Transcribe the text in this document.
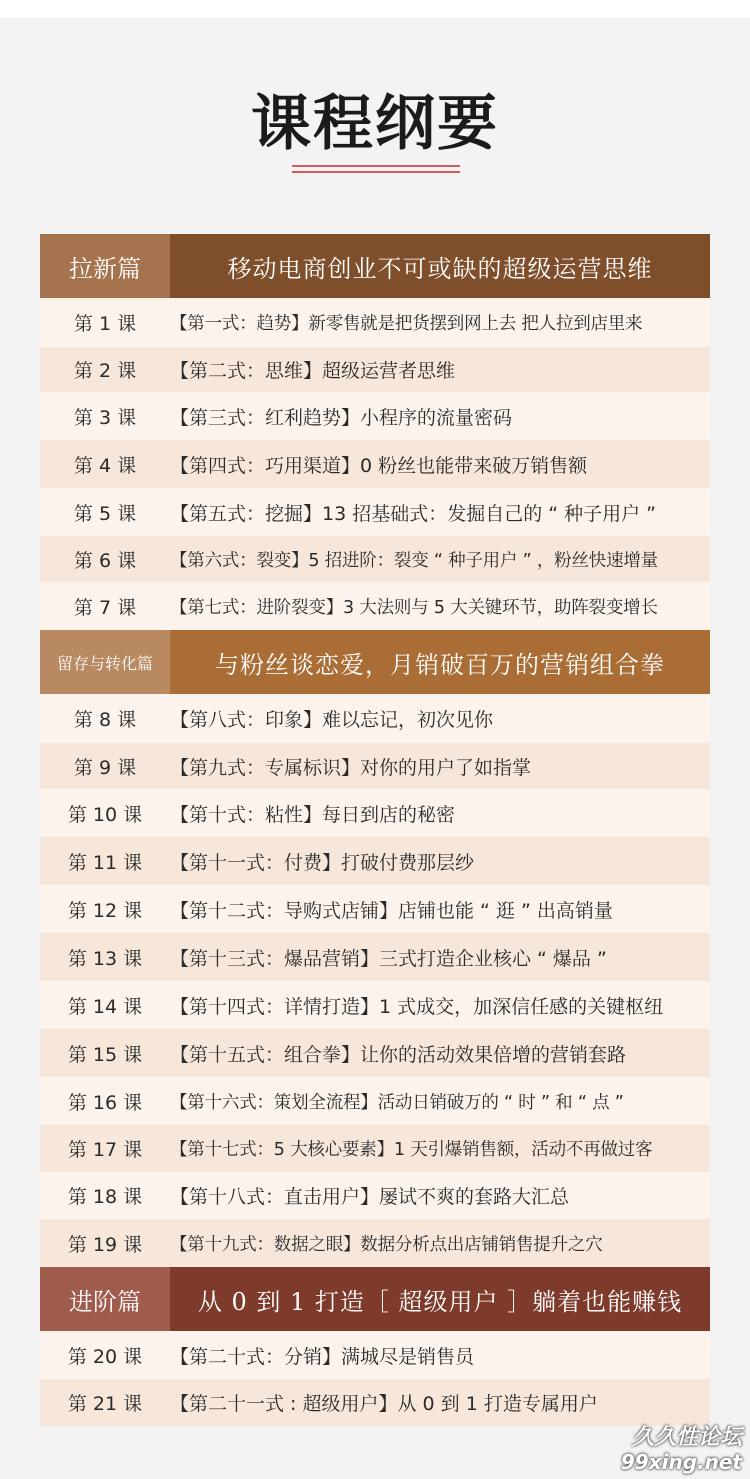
课程纲要
拉新篇	移动电商创业不可或缺的超级运营思维
第 1 课	【第一式：趋势】新零售就是把货摆到网上去 把人拉到店里来
第 2 课	【第二式：思维】超级运营者思维
第 3 课	【第三式：红利趋势】小程序的流量密码
第 4 课	【第四式：巧用渠道】0 粉丝也能带来破万销售额
第 5 课	【第五式：挖掘】13 招基础式：发掘自己的 “ 种子用户 ”
第 6 课	【第六式：裂变】5 招进阶：裂变 “ 种子用户 ” ，粉丝快速增量
第 7 课	【第七式：进阶裂变】3 大法则与 5 大关键环节，助阵裂变增长
留存与转化篇	与粉丝谈恋爱，月销破百万的营销组合拳
第 8 课	【第八式：印象】难以忘记，初次见你
第 9 课	【第九式：专属标识】对你的用户了如指掌
第 10 课	【第十式：粘性】每日到店的秘密
第 11 课	【第十一式：付费】打破付费那层纱
第 12 课	【第十二式：导购式店铺】店铺也能 “ 逛 ” 出高销量
第 13 课	【第十三式：爆品营销】三式打造企业核心 “ 爆品 ”
第 14 课	【第十四式：详情打造】1 式成交，加深信任感的关键枢纽
第 15 课	【第十五式：组合拳】让你的活动效果倍增的营销套路
第 16 课	【第十六式：策划全流程】活动日销破万的 “ 时 ” 和 “ 点 ”
第 17 课	【第十七式：5 大核心要素】1 天引爆销售额，活动不再做过客
第 18 课	【第十八式：直击用户】屡试不爽的套路大汇总
第 19 课	【第十九式：数据之眼】数据分析点出店铺销售提升之穴
进阶篇	从 0 到 1 打造［ 超级用户 ］躺着也能赚钱
第 20 课	【第二十式：分销】满城尽是销售员
第 21 课	【第二十一式 : 超级用户】从 0 到 1 打造专属用户
久久性论坛
99xing.net
